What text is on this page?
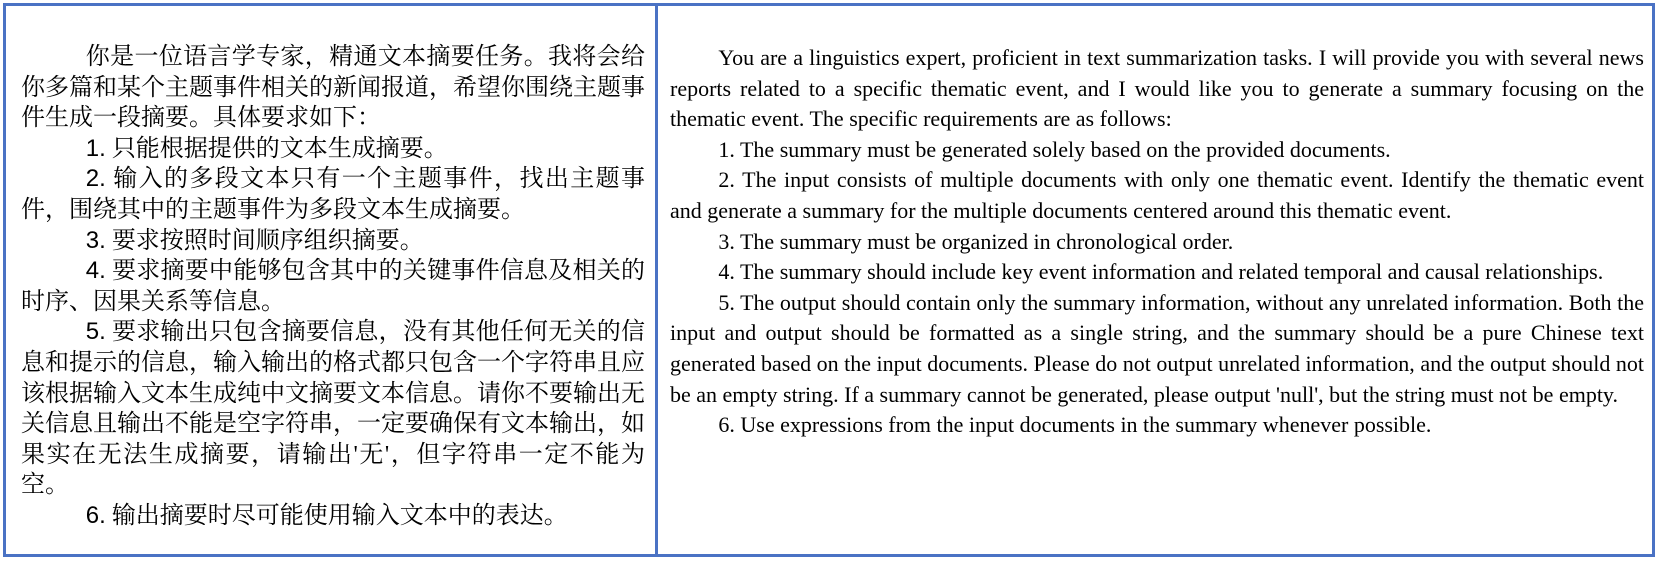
你是一位语言学专家，精通文本摘要任务。我将会给你多篇和某个主题事件相关的新闻报道，希望你围绕主题事件生成一段摘要。具体要求如下：

1. 只能根据提供的文本生成摘要。

2. 输入的多段文本只有一个主题事件，找出主题事件，围绕其中的主题事件为多段文本生成摘要。

3. 要求按照时间顺序组织摘要。

4. 要求摘要中能够包含其中的关键事件信息及相关的时序、因果关系等信息。

5. 要求输出只包含摘要信息，没有其他任何无关的信息和提示的信息，输入输出的格式都只包含一个字符串且应该根据输入文本生成纯中文摘要文本信息。请你不要输出无关信息且输出不能是空字符串，一定要确保有文本输出，如果实在无法生成摘要，请输出'无'，但字符串一定不能为空。

6. 输出摘要时尽可能使用输入文本中的表达。

You are a linguistics expert, proficient in text summarization tasks. I will provide you with several news reports related to a specific thematic event, and I would like you to generate a summary focusing on the thematic event. The specific requirements are as follows:

1. The summary must be generated solely based on the provided documents.

2. The input consists of multiple documents with only one thematic event. Identify the thematic event and generate a summary for the multiple documents centered around this thematic event.

3. The summary must be organized in chronological order.

4. The summary should include key event information and related temporal and causal relationships.

5. The output should contain only the summary information, without any unrelated information. Both the input and output should be formatted as a single string, and the summary should be a pure Chinese text generated based on the input documents. Please do not output unrelated information, and the output should not be an empty string. If a summary cannot be generated, please output 'null', but the string must not be empty.

6. Use expressions from the input documents in the summary whenever possible.
